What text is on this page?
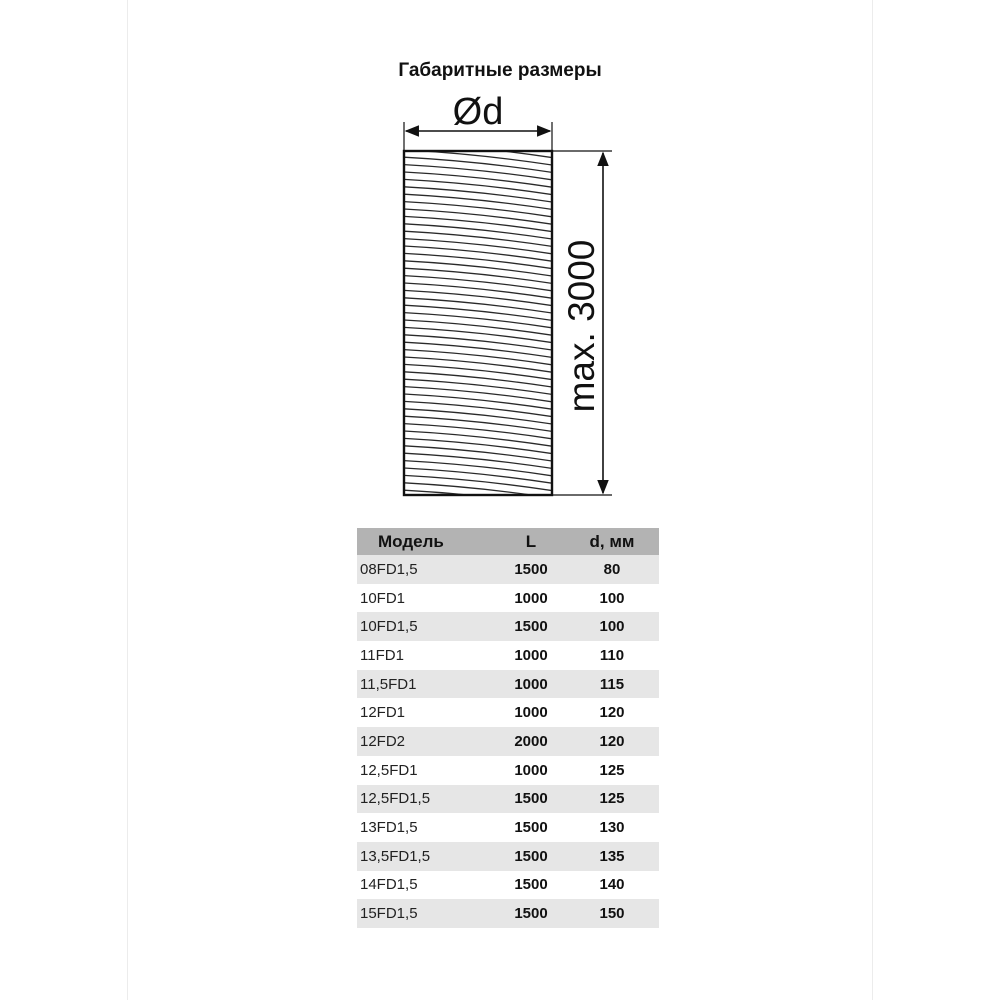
Габаритные размеры
Ød
max. 3000
Модель	L	d, мм
08FD1,5	1500	80
10FD1	1000	100
10FD1,5	1500	100
11FD1	1000	110
11,5FD1	1000	115
12FD1	1000	120
12FD2	2000	120
12,5FD1	1000	125
12,5FD1,5	1500	125
13FD1,5	1500	130
13,5FD1,5	1500	135
14FD1,5	1500	140
15FD1,5	1500	150
